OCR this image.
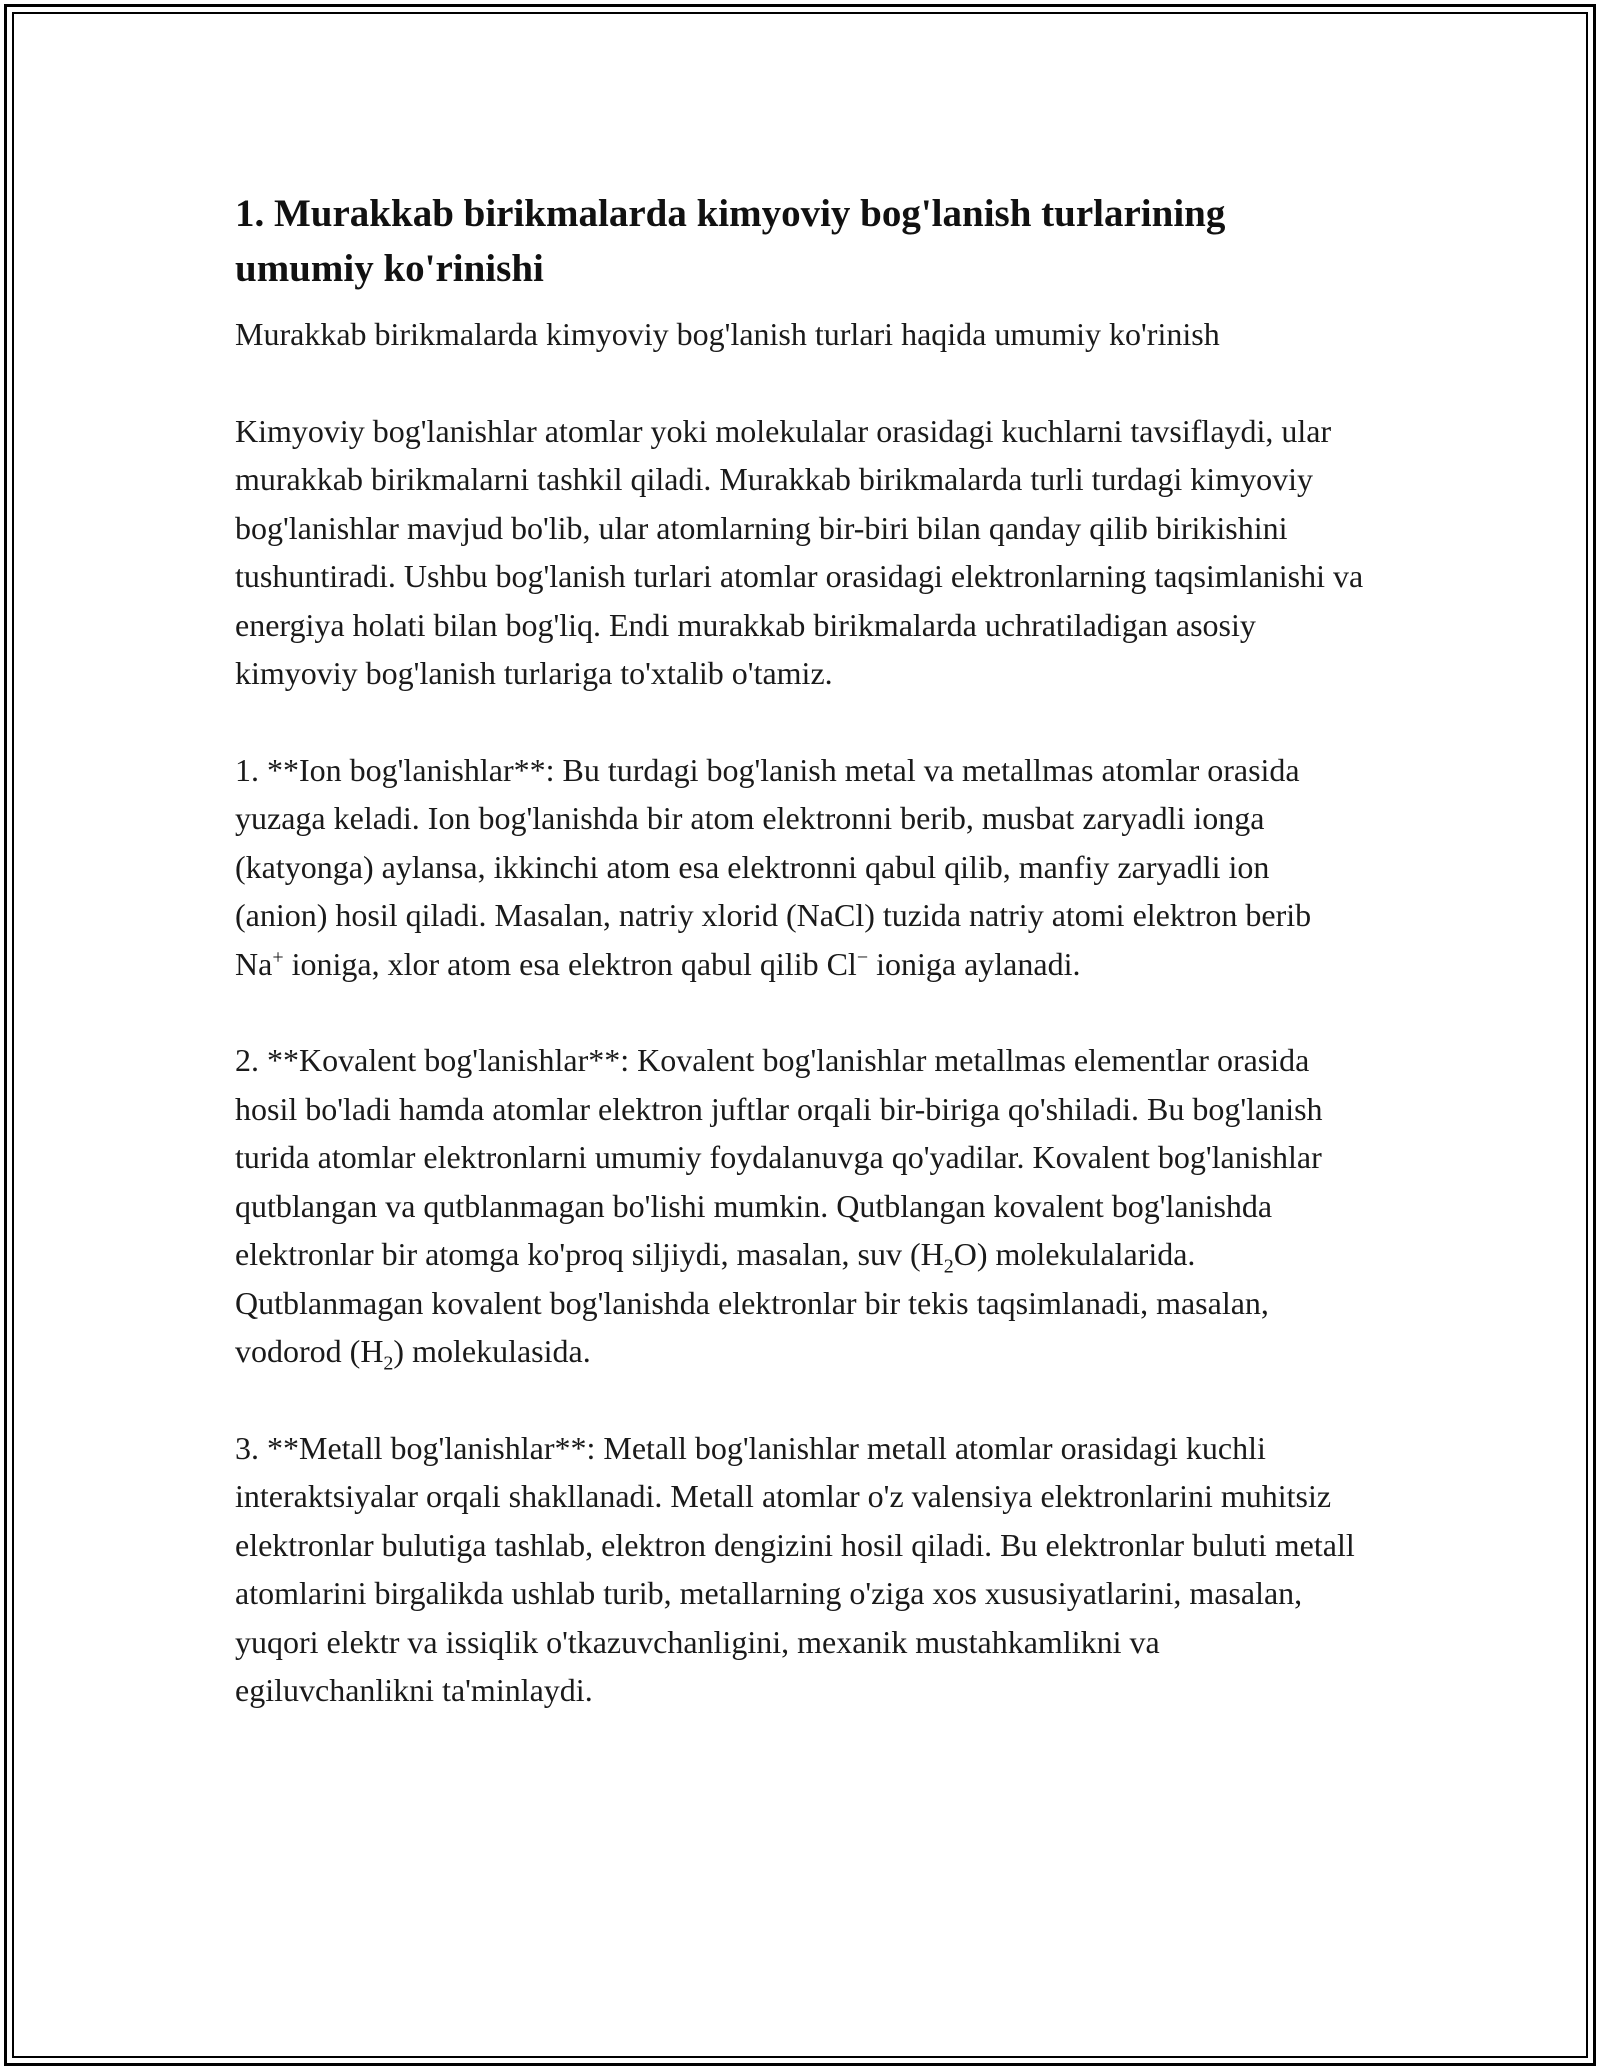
1. Murakkab birikmalarda kimyoviy bog'lanish turlarining
umumiy ko'rinishi

Murakkab birikmalarda kimyoviy bog'lanish turlari haqida umumiy ko'rinish

Kimyoviy bog'lanishlar atomlar yoki molekulalar orasidagi kuchlarni tavsiflaydi, ular murakkab birikmalarni tashkil qiladi. Murakkab birikmalarda turli turdagi kimyoviy bog'lanishlar mavjud bo'lib, ular atomlarning bir-biri bilan qanday qilib birikishini tushuntiradi. Ushbu bog'lanish turlari atomlar orasidagi elektronlarning taqsimlanishi va energiya holati bilan bog'liq. Endi murakkab birikmalarda uchratiladigan asosiy kimyoviy bog'lanish turlariga to'xtalib o'tamiz.

1. **Ion bog'lanishlar**: Bu turdagi bog'lanish metal va metallmas atomlar orasida yuzaga keladi. Ion bog'lanishda bir atom elektronni berib, musbat zaryadli ionga (katyonga) aylansa, ikkinchi atom esa elektronni qabul qilib, manfiy zaryadli ion (anion) hosil qiladi. Masalan, natriy xlorid (NaCl) tuzida natriy atomi elektron berib Na+ ioniga, xlor atom esa elektron qabul qilib Cl− ioniga aylanadi.

2. **Kovalent bog'lanishlar**: Kovalent bog'lanishlar metallmas elementlar orasida hosil bo'ladi hamda atomlar elektron juftlar orqali bir-biriga qo'shiladi. Bu bog'lanish turida atomlar elektronlarni umumiy foydalanuvga qo'yadilar. Kovalent bog'lanishlar qutblangan va qutblanmagan bo'lishi mumkin. Qutblangan kovalent bog'lanishda elektronlar bir atomga ko'proq siljiydi, masalan, suv $(H_2O)$ molekulalarida. Qutblanmagan kovalent bog'lanishda elektronlar bir tekis taqsimlanadi, masalan, vodorod $(H_2)$ molekulasida.

3. **Metall bog'lanishlar**: Metall bog'lanishlar metall atomlar orasidagi kuchli interaktsiyalar orqali shakllanadi. Metall atomlar o'z valensiya elektronlarini muhitsiz elektronlar bulutiga tashlab, elektron dengizini hosil qiladi. Bu elektronlar buluti metall atomlarini birgalikda ushlab turib, metallarning o'ziga xos xususiyatlarini, masalan, yuqori elektr va issiqlik o'tkazuvchanligini, mexanik mustahkamlikni va egiluvchanlikni ta'minlaydi.
